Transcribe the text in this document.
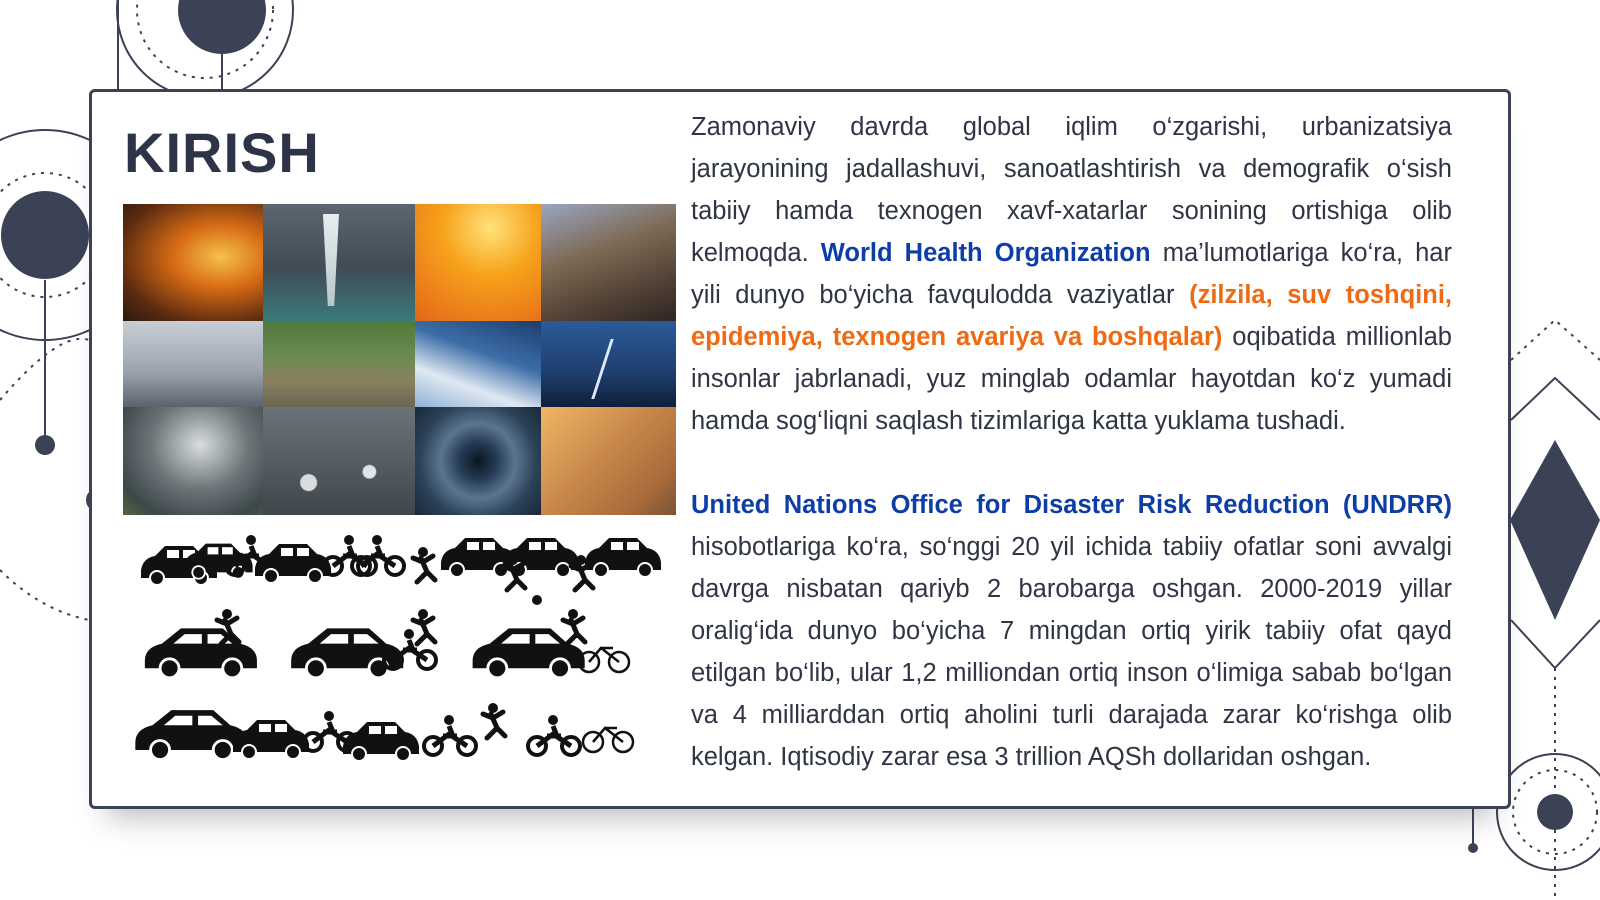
KIRISH	Zamonaviy davrda global iqlim o‘zgarishi, urbanizatsiya jarayonining jadallashuvi, sanoatlashtirish va demografik o‘sish tabiiy hamda texnogen xavf-xatarlar sonining ortishiga olib kelmoqda. World Health Organization ma’lumotlariga ko‘ra, har yili dunyo bo‘yicha favqulodda vaziyatlar (zilzila, suv toshqini, epidemiya, texnogen avariya va boshqalar) oqibatida millionlab insonlar jabrlanadi, yuz minglab odamlar hayotdan ko‘z yumadi hamda sog‘liqni saqlash tizimlariga katta yuklama tushadi.

United Nations Office for Disaster Risk Reduction (UNDRR) hisobotlariga ko‘ra, so‘nggi 20 yil ichida tabiiy ofatlar soni avvalgi davrga nisbatan qariyb 2 barobarga oshgan. 2000-2019 yillar oralig‘ida dunyo bo‘yicha 7 mingdan ortiq yirik tabiiy ofat qayd etilgan bo‘lib, ular 1,2 milliondan ortiq inson o‘limiga sabab bo‘lgan va 4 milliarddan ortiq aholini turli darajada zarar ko‘rishga olib kelgan. Iqtisodiy zarar esa 3 trillion AQSh dollaridan oshgan.
